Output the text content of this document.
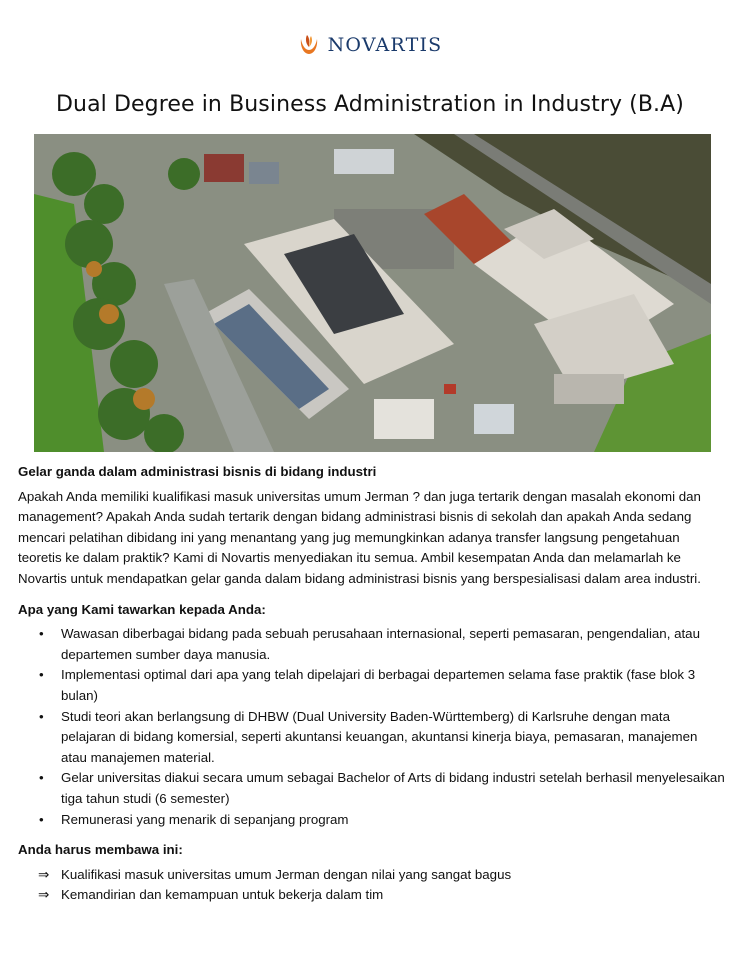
NOVARTIS
Dual Degree in Business Administration in Industry (B.A)
Gelar ganda dalam administrasi bisnis di bidang industri

Apakah Anda memiliki kualifikasi masuk universitas umum Jerman ? dan juga tertarik dengan masalah ekonomi dan management? Apakah Anda sudah tertarik dengan bidang administrasi bisnis di sekolah dan apakah Anda sedang mencari pelatihan dibidang ini yang menantang yang jug memungkinkan adanya transfer langsung pengetahuan teoretis ke dalam praktik? Kami di Novartis menyediakan itu semua. Ambil kesempatan Anda dan melamarlah ke Novartis untuk mendapatkan gelar ganda dalam bidang administrasi bisnis yang berspesialisasi dalam area industri.

Apa yang Kami tawarkan kepada Anda:
• Wawasan diberbagai bidang pada sebuah perusahaan internasional, seperti pemasaran, pengendalian, atau departemen sumber daya manusia.
• Implementasi optimal dari apa yang telah dipelajari di berbagai departemen selama fase praktik (fase blok 3 bulan)
• Studi teori akan berlangsung di DHBW (Dual University Baden-Württemberg) di Karlsruhe dengan mata pelajaran di bidang komersial, seperti akuntansi keuangan, akuntansi kinerja biaya, pemasaran, manajemen atau manajemen material.
• Gelar universitas diakui secara umum sebagai Bachelor of Arts di bidang industri setelah berhasil menyelesaikan tiga tahun studi (6 semester)
• Remunerasi yang menarik di sepanjang program
Anda harus membawa ini:
⇒ Kualifikasi masuk universitas umum Jerman dengan nilai yang sangat bagus
⇒ Kemandirian dan kemampuan untuk bekerja dalam tim
